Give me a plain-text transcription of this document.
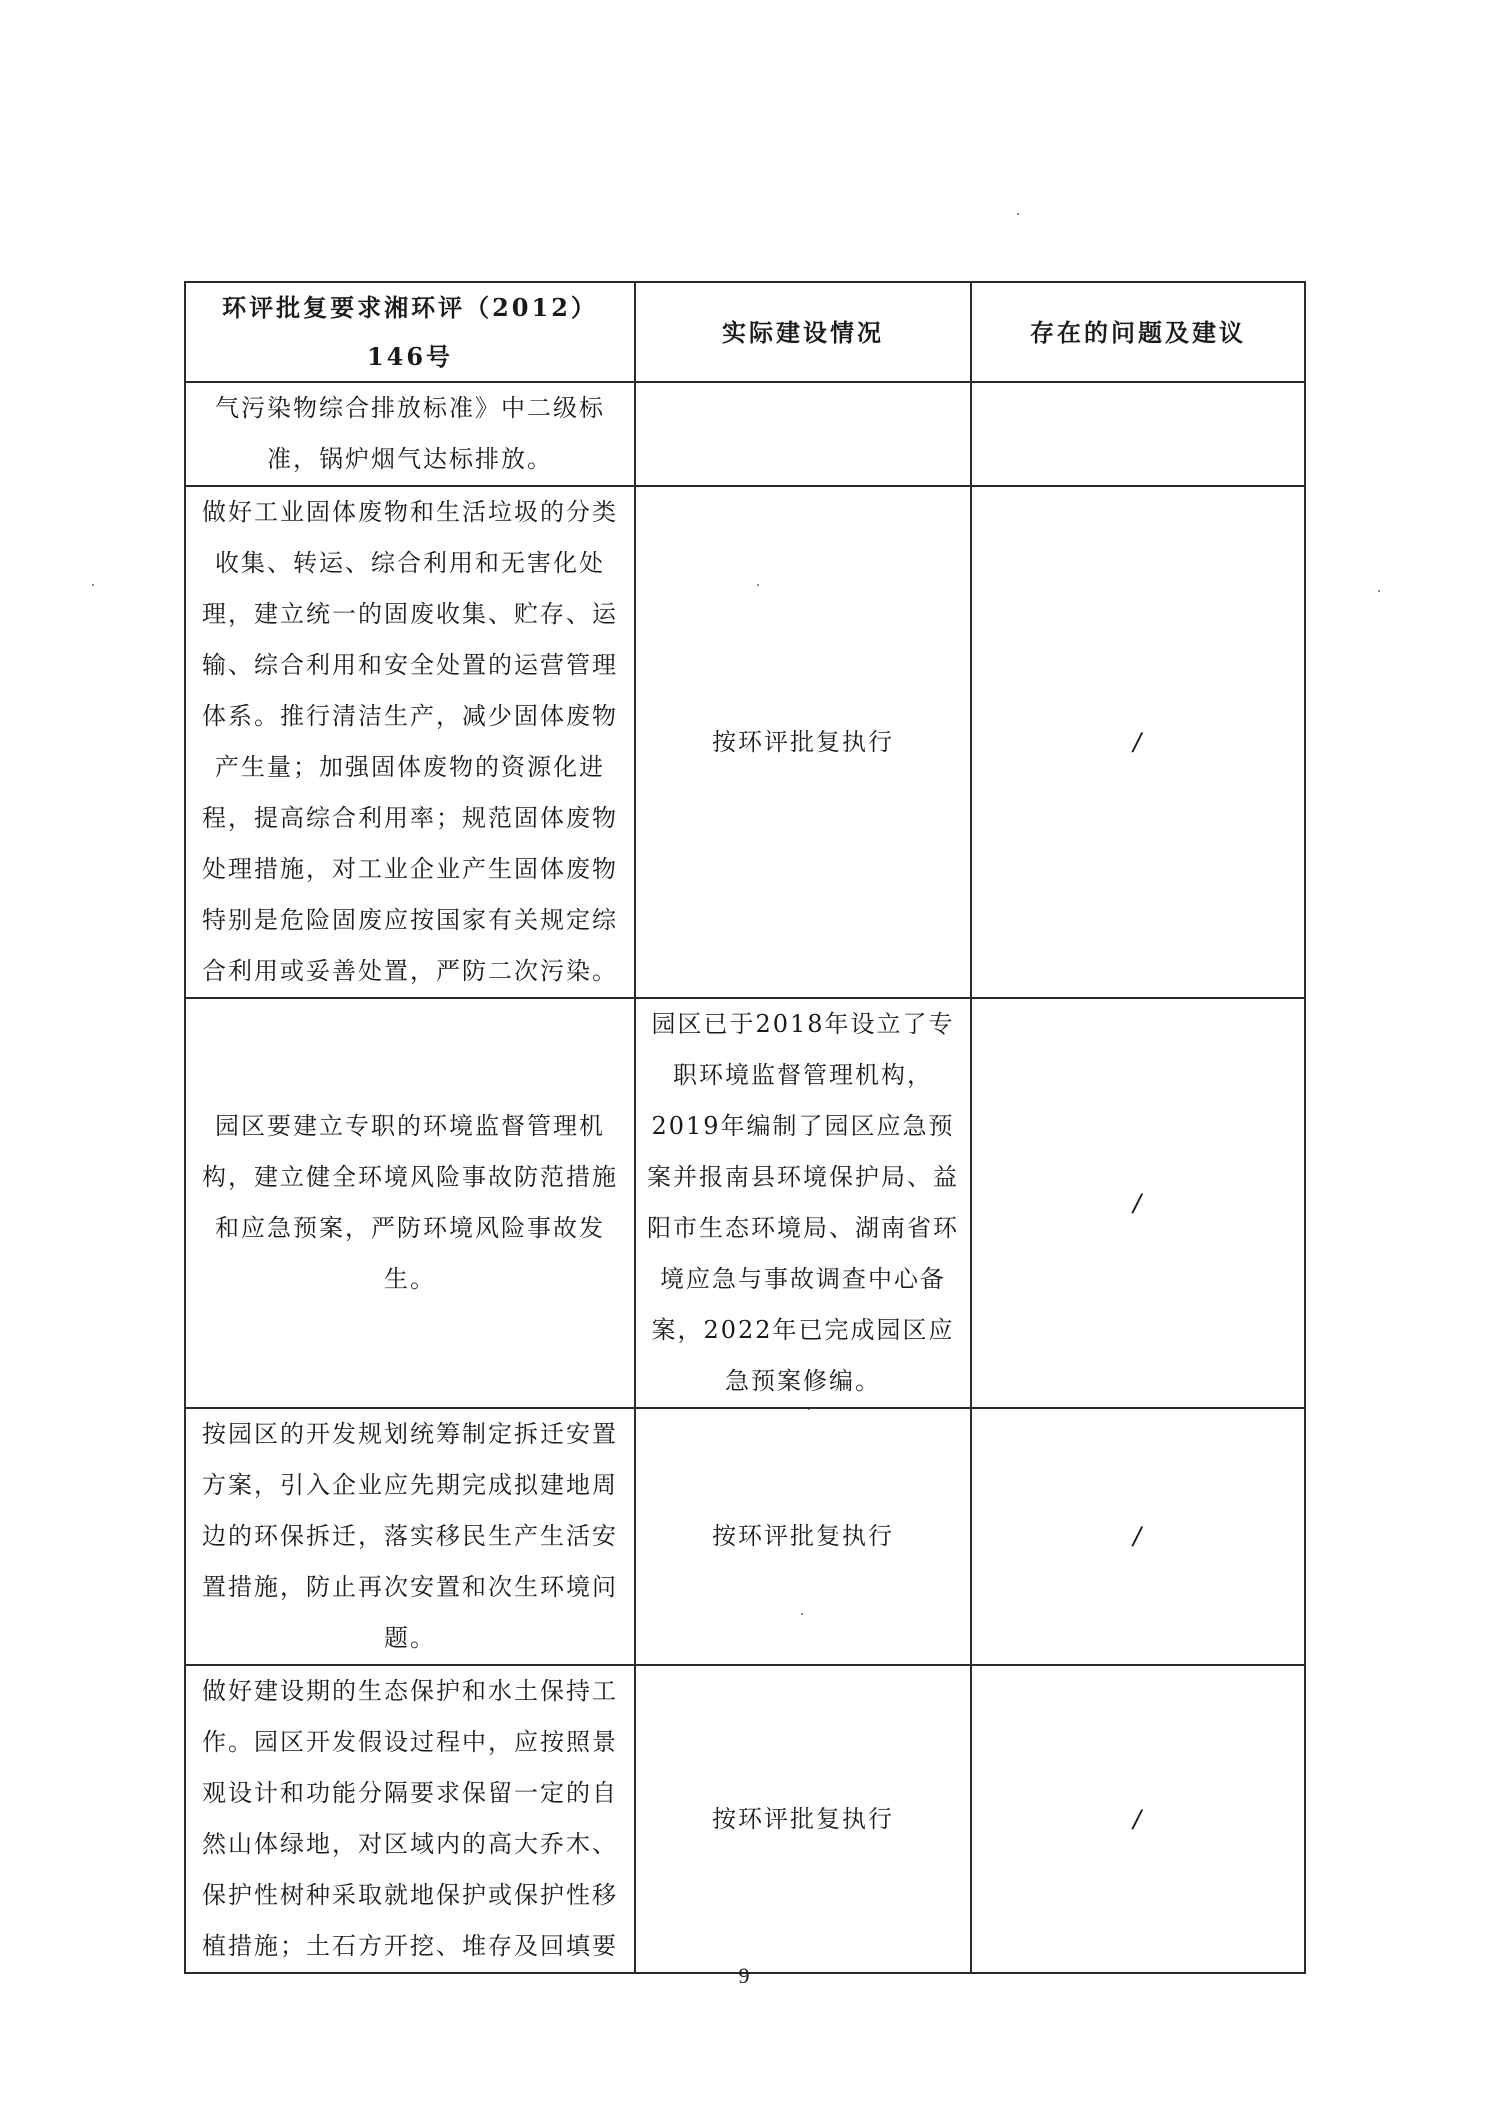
环评批复要求湘环评（2012）146号	实际建设情况	存在的问题及建议

气污染物综合排放标准》中二级标准，锅炉烟气达标排放。		

做好工业固体废物和生活垃圾的分类收集、转运、综合利用和无害化处理，建立统一的固废收集、贮存、运输、综合利用和安全处置的运营管理体系。推行清洁生产，减少固体废物产生量；加强固体废物的资源化进程，提高综合利用率；规范固体废物处理措施，对工业企业产生固体废物特别是危险固废应按国家有关规定综合利用或妥善处置，严防二次污染。	按环评批复执行	/

园区要建立专职的环境监督管理机构，建立健全环境风险事故防范措施和应急预案，严防环境风险事故发生。	园区已于2018年设立了专职环境监督管理机构，2019年编制了园区应急预案并报南县环境保护局、益阳市生态环境局、湖南省环境应急与事故调查中心备案，2022年已完成园区应急预案修编。	/

按园区的开发规划统筹制定拆迁安置方案，引入企业应先期完成拟建地周边的环保拆迁，落实移民生产生活安置措施，防止再次安置和次生环境问题。	按环评批复执行	/

做好建设期的生态保护和水土保持工作。园区开发假设过程中，应按照景观设计和功能分隔要求保留一定的自然山体绿地，对区域内的高大乔木、保护性树种采取就地保护或保护性移植措施；土石方开挖、堆存及回填要	按环评批复执行	/
9
